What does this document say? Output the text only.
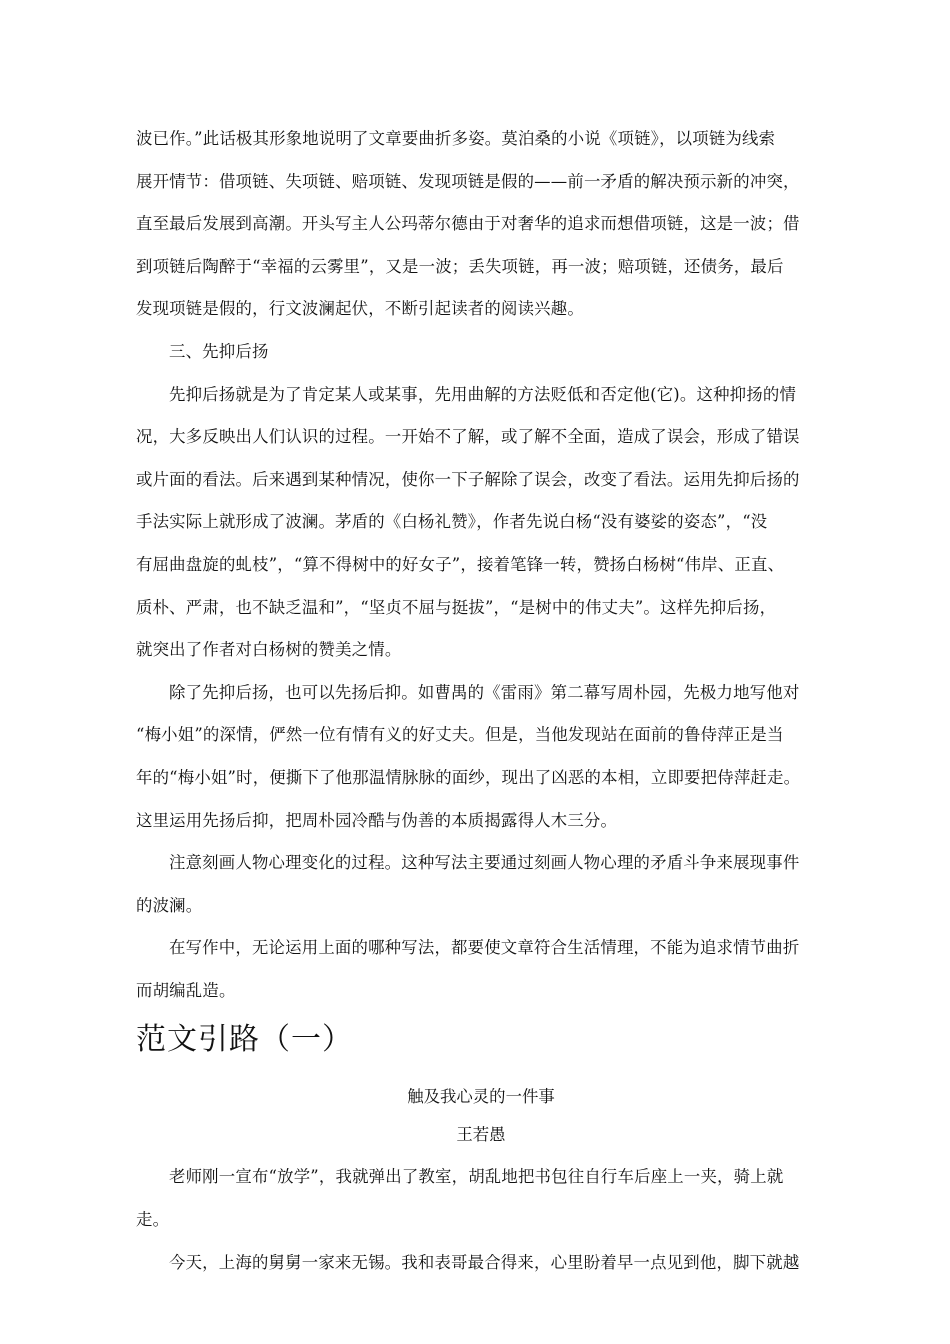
波已作。”此话极其形象地说明了文章要曲折多姿。莫泊桑的小说《项链》，以项链为线索
展开情节：借项链、失项链、赔项链、发现项链是假的——前一矛盾的解决预示新的冲突，
直至最后发展到高潮。开头写主人公玛蒂尔德由于对奢华的追求而想借项链，这是一波；借
到项链后陶醉于“幸福的云雾里”，又是一波；丢失项链，再一波；赔项链，还债务，最后
发现项链是假的，行文波澜起伏，不断引起读者的阅读兴趣。
三、先抑后扬
先抑后扬就是为了肯定某人或某事，先用曲解的方法贬低和否定他(它)。这种抑扬的情
况，大多反映出人们认识的过程。一开始不了解，或了解不全面，造成了误会，形成了错误
或片面的看法。后来遇到某种情况，使你一下子解除了误会，改变了看法。运用先抑后扬的
手法实际上就形成了波澜。茅盾的《白杨礼赞》，作者先说白杨“没有婆娑的姿态”，“没
有屈曲盘旋的虬枝”，“算不得树中的好女子”，接着笔锋一转，赞扬白杨树“伟岸、正直、
质朴、严肃，也不缺乏温和”，“坚贞不屈与挺拔”，“是树中的伟丈夫”。这样先抑后扬，
就突出了作者对白杨树的赞美之情。
除了先抑后扬，也可以先扬后抑。如曹禺的《雷雨》第二幕写周朴园，先极力地写他对
“梅小姐”的深情，俨然一位有情有义的好丈夫。但是，当他发现站在面前的鲁侍萍正是当
年的“梅小姐”时，便撕下了他那温情脉脉的面纱，现出了凶恶的本相，立即要把侍萍赶走。
这里运用先扬后抑，把周朴园冷酷与伪善的本质揭露得人木三分。
注意刻画人物心理变化的过程。这种写法主要通过刻画人物心理的矛盾斗争来展现事件
的波澜。
在写作中，无论运用上面的哪种写法，都要使文章符合生活情理，不能为追求情节曲折
而胡编乱造。
范文引路（一）
触及我心灵的一件事
王若愚
老师刚一宣布“放学”，我就弹出了教室，胡乱地把书包往自行车后座上一夹，骑上就
走。
今天，上海的舅舅一家来无锡。我和表哥最合得来，心里盼着早一点见到他，脚下就越
